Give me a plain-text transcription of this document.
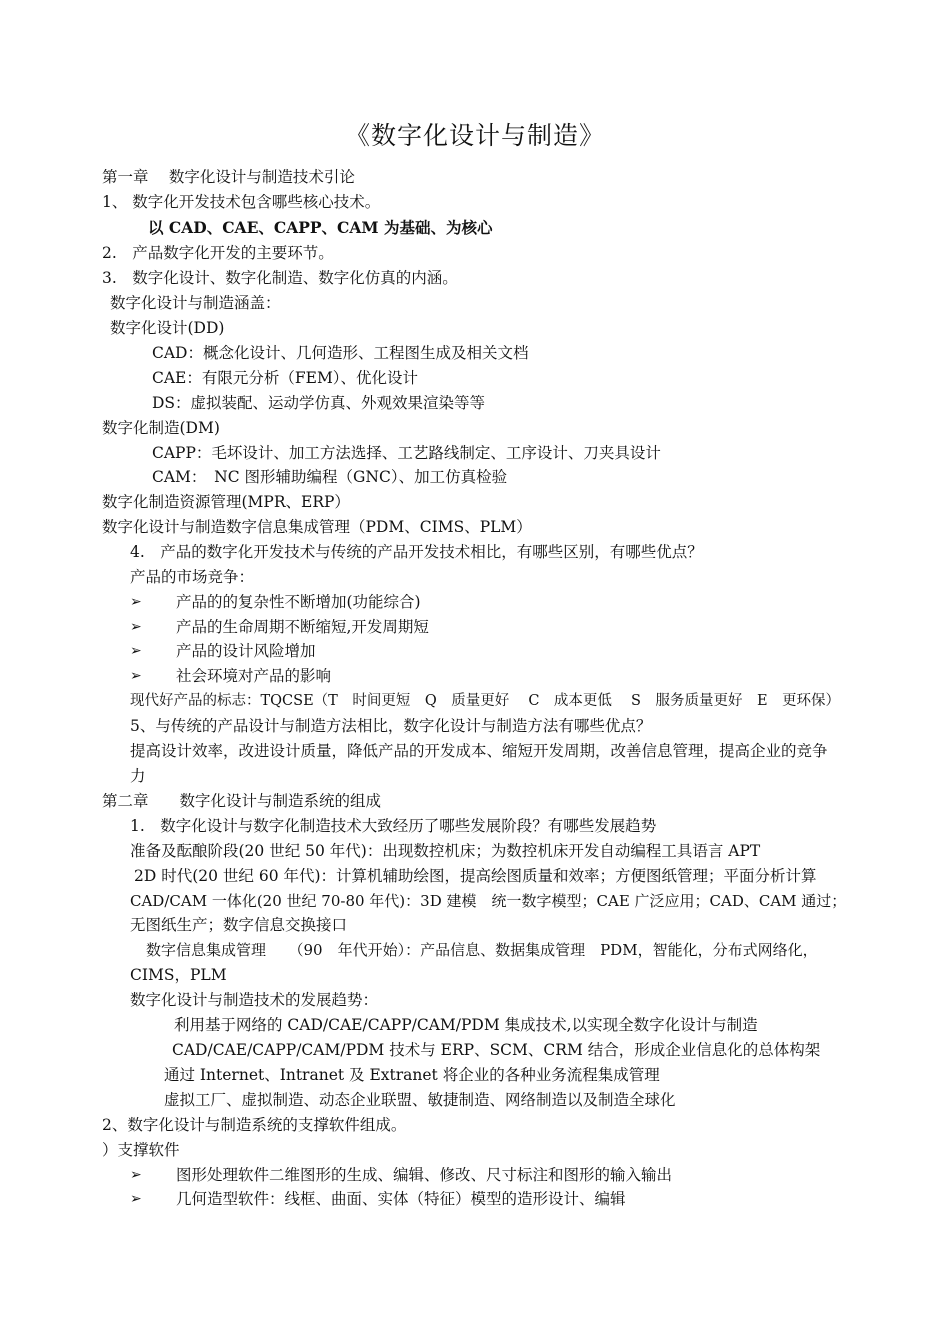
《数字化设计与制造》
第一章　 数字化设计与制造技术引论
1、 数字化开发技术包含哪些核心技术。
以 CAD、CAE、CAPP、CAM 为基础、为核心
2.　产品数字化开发的主要环节。
3.　数字化设计、数字化制造、数字化仿真的内涵。
数字化设计与制造涵盖：
数字化设计(DD)
CAD：概念化设计、几何造形、工程图生成及相关文档
CAE：有限元分析（FEM）、优化设计
DS：虚拟装配、运动学仿真、外观效果渲染等等
数字化制造(DM)
CAPP：毛坏设计、加工方法选择、工艺路线制定、工序设计、刀夹具设计
CAM：　NC 图形辅助编程（GNC）、加工仿真检验
数字化制造资源管理(MPR、ERP）
数字化设计与制造数字信息集成管理（PDM、CIMS、PLM）
4.　产品的数字化开发技术与传统的产品开发技术相比，有哪些区别，有哪些优点？
产品的市场竞争：
➢ 产品的的复杂性不断增加(功能综合)
➢ 产品的生命周期不断缩短,开发周期短
➢ 产品的设计风险增加
➢ 社会环境对产品的影响
现代好产品的标志：TQCSE（T　时间更短　Q　质量更好　 C　成本更低　 S　服务质量更好　E　更环保）
5、与传统的产品设计与制造方法相比，数字化设计与制造方法有哪些优点？
提高设计效率，改进设计质量，降低产品的开发成本、缩短开发周期，改善信息管理，提高企业的竞争
力
第二章　　数字化设计与制造系统的组成
1.　数字化设计与数字化制造技术大致经历了哪些发展阶段？有哪些发展趋势
准备及酝酿阶段(20 世纪 50 年代)：出现数控机床；为数控机床开发自动编程工具语言 APT
2D 时代(20 世纪 60 年代)：计算机辅助绘图，提高绘图质量和效率；方便图纸管理；平面分析计算
CAD/CAM 一体化(20 世纪 70-80 年代)：3D 建模　统一数字模型；CAE 广泛应用；CAD、CAM 通过；
无图纸生产；数字信息交换接口
数字信息集成管理　　（90　年代开始）：产品信息、数据集成管理　PDM，智能化，分布式网络化，
CIMS，PLM
数字化设计与制造技术的发展趋势：
利用基于网络的 CAD/CAE/CAPP/CAM/PDM 集成技术,以实现全数字化设计与制造
CAD/CAE/CAPP/CAM/PDM 技术与 ERP、SCM、CRM 结合，形成企业信息化的总体构架
通过 Internet、Intranet 及 Extranet 将企业的各种业务流程集成管理
虚拟工厂、虚拟制造、动态企业联盟、敏捷制造、网络制造以及制造全球化
2、数字化设计与制造系统的支撑软件组成。
）支撑软件
➢ 图形处理软件二维图形的生成、编辑、修改、尺寸标注和图形的输入输出
➢ 几何造型软件：线框、曲面、实体（特征）模型的造形设计、编辑
